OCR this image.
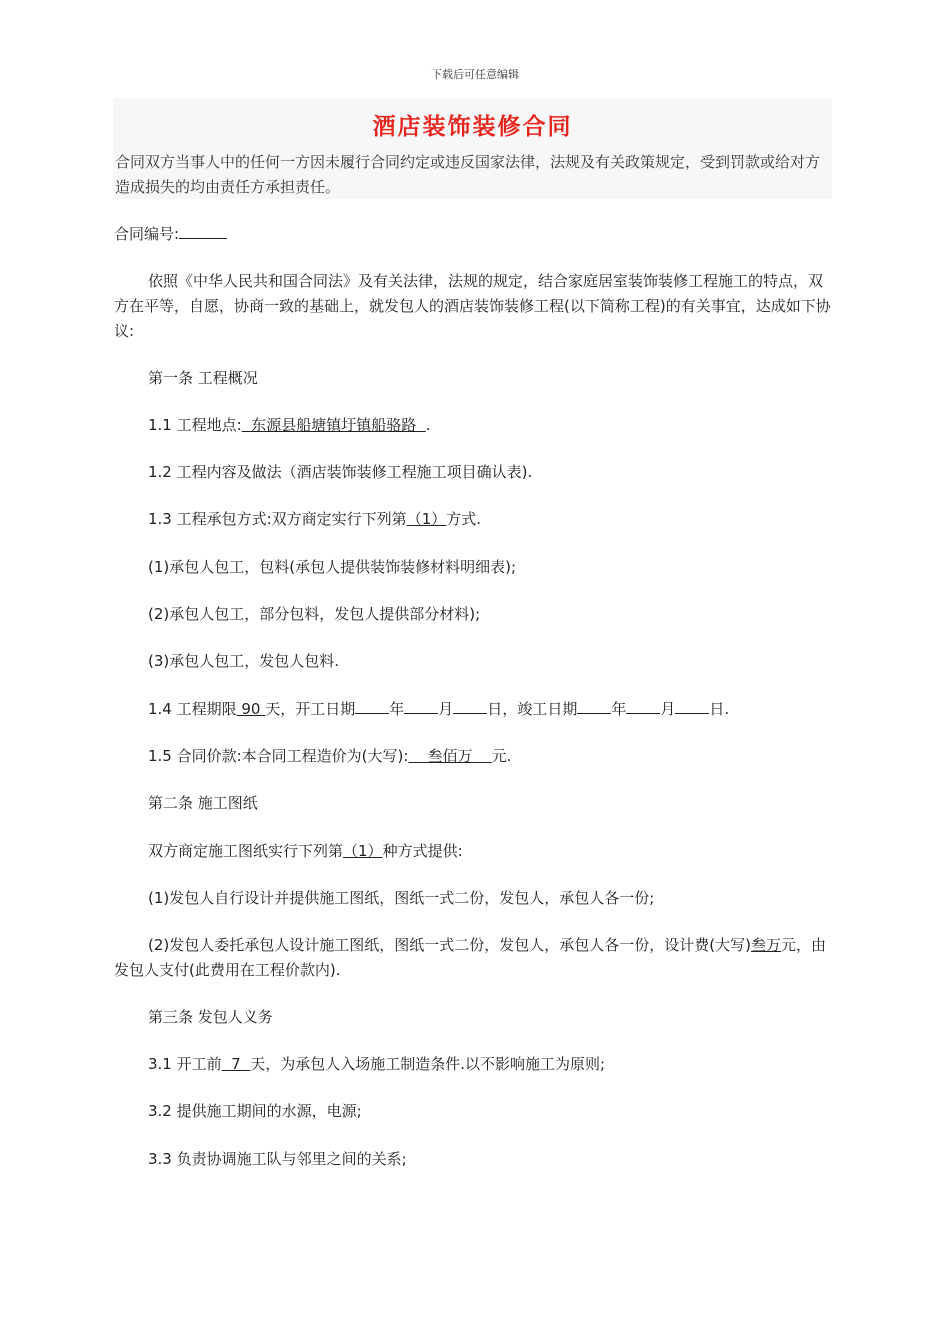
下载后可任意编辑
酒店装饰装修合同
合同双方当事人中的任何一方因未履行合同约定或违反国家法律，法规及有关政策规定，受到罚款或给对方造成损失的均由责任方承担责任。
合同编号:
依照《中华人民共和国合同法》及有关法律，法规的规定，结合家庭居室装饰装修工程施工的特点，双方在平等，自愿，协商一致的基础上，就发包人的酒店装饰装修工程(以下简称工程)的有关事宜，达成如下协议:
第一条 工程概况
1.1 工程地点:  东源县船塘镇圩镇船骆路  .
1.2 工程内容及做法（酒店装饰装修工程施工项目确认表).
1.3 工程承包方式:双方商定实行下列第（1）方式.
(1)承包人包工，包料(承包人提供装饰装修材料明细表);
(2)承包人包工，部分包料，发包人提供部分材料);
(3)承包人包工，发包人包料.
1.4 工程期限 90 天，开工日期 年 月 日，竣工日期 年 月 日.
1.5 合同价款:本合同工程造价为(大写):    叁佰万    元.
第二条 施工图纸
双方商定施工图纸实行下列第（1）种方式提供:
(1)发包人自行设计并提供施工图纸，图纸一式二份，发包人，承包人各一份;
(2)发包人委托承包人设计施工图纸，图纸一式二份，发包人，承包人各一份，设计费(大写)叁万元，由发包人支付(此费用在工程价款内).
第三条 发包人义务
3.1 开工前  7  天，为承包人入场施工制造条件.以不影响施工为原则;
3.2 提供施工期间的水源，电源;
3.3 负责协调施工队与邻里之间的关系;
